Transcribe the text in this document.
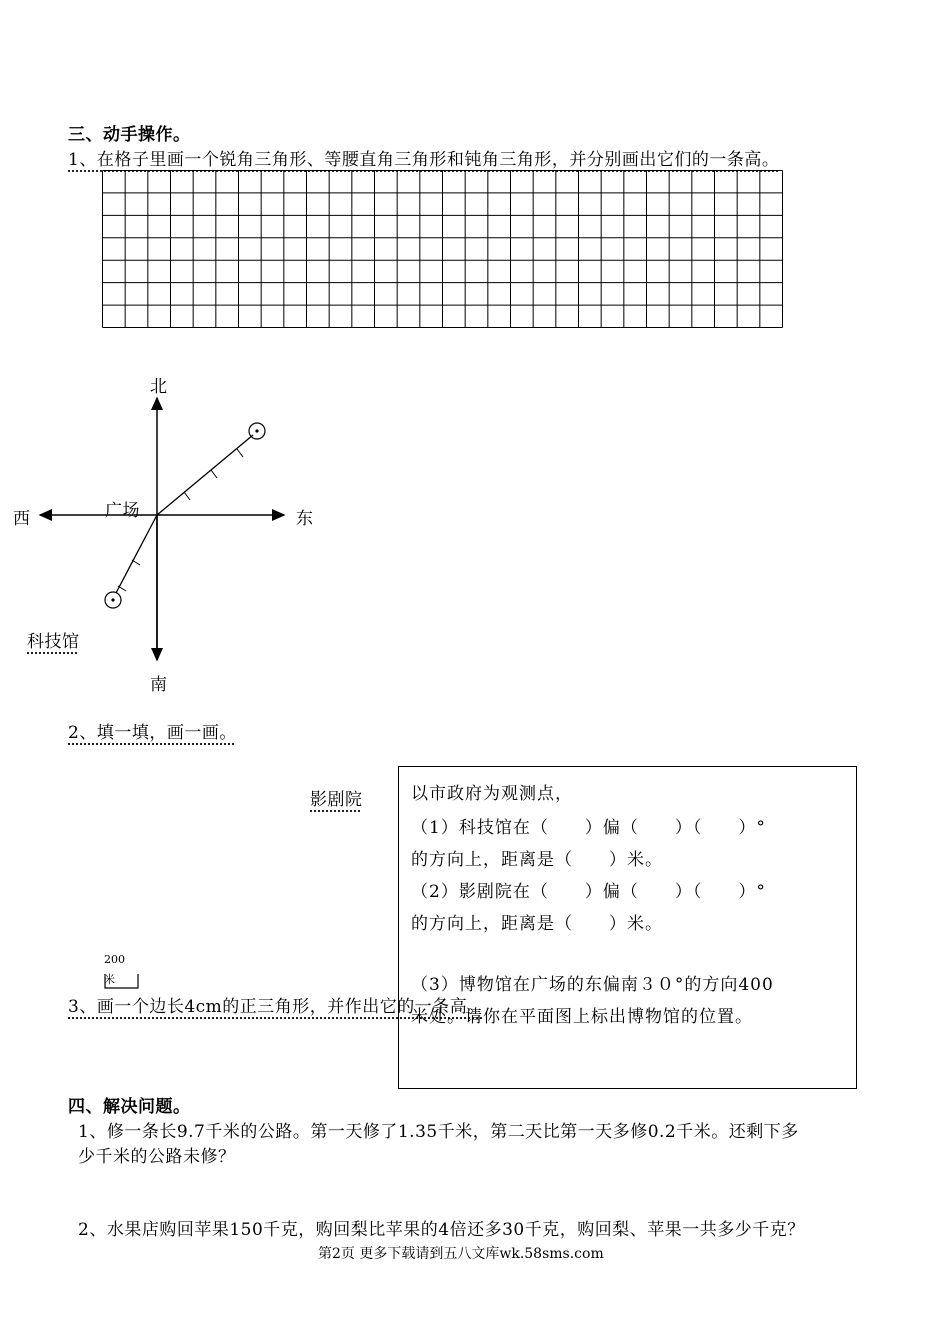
三、动手操作。
1、在格子里画一个锐角三角形、等腰直角三角形和钝角三角形，并分别画出它们的一条高。
北
南
东
西	广场
科技馆
2、填一填，画一画。
影剧院
200
米
3、画一个边长4cm的正三角形，并作出它的一条高。
以市政府为观测点，
（1）科技馆在（　　）偏（　　）（　　）°
的方向上，距离是（　　）米。
（2）影剧院在（　　）偏（　　）（　　）°
的方向上，距离是（　　）米。
（3）博物馆在广场的东偏南３０°的方向400
米处。请你在平面图上标出博物馆的位置。
四、解决问题。
1、修一条长9.7千米的公路。第一天修了1.35千米，第二天比第一天多修0.2千米。还剩下多
少千米的公路未修？
2、水果店购回苹果150千克，购回梨比苹果的4倍还多30千克，购回梨、苹果一共多少千克？
第2页 更多下载请到五八文库wk.58sms.com
